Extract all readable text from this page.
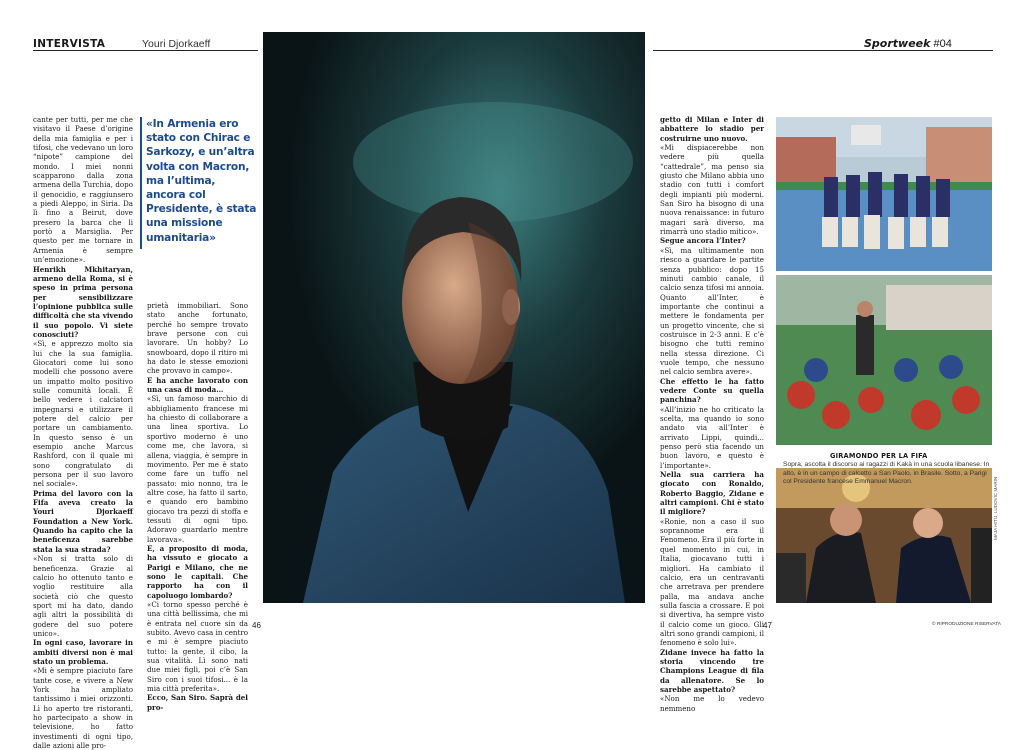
INTERVISTA	Youri Djorkaeff	Sportweek #04

cante per tutti, per me che visitavo il Paese d’origine della mia famiglia e per i tifosi, che vedevano un loro “nipote” campione del mondo. I miei nonni scapparono dalla zona armena della Turchia, dopo il genocidio, e raggiunsero a piedi Aleppo, in Siria. Da lì fino a Beirut, dove presero la barca che li portò a Marsiglia. Per questo per me tornare in Armenia è sempre un’emozione».

Henrikh Mkhitaryan, armeno della Roma, si è speso in prima persona per sensibilizzare l’opinione pubblica sulle difficoltà che sta vivendo il suo popolo. Vi siete conosciuti?

«Sì, e apprezzo molto sia lui che la sua famiglia. Giocatori come lui sono modelli che possono avere un impatto molto positivo sulle comunità locali. È bello vedere i calciatori impegnarsi e utilizzare il potere del calcio per portare un cambiamento. In questo senso è un esempio anche Marcus Rashford, con il quale mi sono congratulato di persona per il suo lavoro nel sociale».

Prima del lavoro con la Fifa aveva creato la Youri Djorkaeff Foundation a New York. Quando ha capito che la beneficenza sarebbe stata la sua strada?

«Non si tratta solo di beneficenza. Grazie al calcio ho ottenuto tanto e voglio restituire alla società ciò che questo sport mi ha dato, dando agli altri la possibilità di godere del suo potere unico».

In ogni caso, lavorare in ambiti diversi non è mai stato un problema.

«Mi è sempre piaciuto fare tante cose, e vivere a New York ha ampliato tantissimo i miei orizzonti. Lì ho aperto tre ristoranti, ho partecipato a show in televisione, ho fatto investimenti di ogni tipo, dalle azioni alle pro-

«In Armenia ero stato con Chirac e Sarkozy, e un’altra volta con Macron, ma l’ultima, ancora col Presidente, è stata una missione umanitaria»

prietà immobiliari. Sono stato anche fortunato, perché ho sempre trovato brave persone con cui lavorare. Un hobby? Lo snowboard, dopo il ritiro mi ha dato le stesse emozioni che provavo in campo».

E ha anche lavorato con una casa di moda…

«Sì, un famoso marchio di abbigliamento francese mi ha chiesto di collaborare a una linea sportiva. Lo sportivo moderno è uno come me, che lavora, si allena, viaggia, è sempre in movimento. Per me è stato come fare un tuffo nel passato: mio nonno, tra le altre cose, ha fatto il sarto, e quando ero bambino giocavo tra pezzi di stoffa e tessuti di ogni tipo. Adoravo guardarlo mentre lavorava».

E, a proposito di moda, ha vissuto e giocato a Parigi e Milano, che ne sono le capitali. Che rapporto ha con il capoluogo lombardo?

«Ci torno spesso perché è una città bellissima, che mi è entrata nel cuore sin da subito. Avevo casa in centro e mi è sempre piaciuto tutto: la gente, il cibo, la sua vitalità. Lì sono nati due miei figli, poi c’è San Siro con i suoi tifosi... è la mia città preferita».

Ecco, San Siro. Saprà del pro-

getto di Milan e Inter di abbattere lo stadio per costruirne uno nuovo.

«Mi dispiacerebbe non vedere più quella “cattedrale”, ma penso sia giusto che Milano abbia uno stadio con tutti i comfort degli impianti più moderni. San Siro ha bisogno di una nuova renaissance: in futuro magari sarà diverso, ma rimarrà uno stadio mitico».

Segue ancora l’Inter?

«Sì, ma ultimamente non riesco a guardare le partite senza pubblico: dopo 15 minuti cambio canale, il calcio senza tifosi mi annoia. Quanto all’Inter, è importante che continui a mettere le fondamenta per un progetto vincente, che si costruisce in 2-3 anni. E c’è bisogno che tutti remino nella stessa direzione. Ci vuole tempo, che nessuno nel calcio sembra avere».

Che effetto le ha fatto vedere Conte su quella panchina?

«All’inizio ne ho criticato la scelta, ma quando io sono andato via all’Inter è arrivato Lippi, quindi... penso però stia facendo un buon lavoro, e questo è l’importante».

Nella sua carriera ha giocato con Ronaldo, Roberto Baggio, Zidane e altri campioni. Chi è stato il migliore?

«Ronie, non a caso il suo soprannome era il Fenomeno. Era il più forte in quel momento in cui, in Italia, giocavano tutti i migliori. Ha cambiato il calcio, era un centravanti che arretrava per prendere palla, ma andava anche sulla fascia a crossare. E poi si divertiva, ha sempre visto il calcio come un gioco. Gli altri sono grandi campioni, il fenomeno è solo lui».

Zidane invece ha fatto la storia vincendo tre Champions League di fila da allenatore. Se lo sarebbe aspettato?

«Non me lo vedevo nemmeno

GIRAMONDO PER LA FIFA
Sopra, ascolta il discorso ai ragazzi di Kakà in una scuola libanese. In alto, è in un campo di calcetto a San Paolo, in Brasile. Sotto, a Parigi col Presidente francese Emmanuel Macron.	MAJA HITIJ, LUDOVIC MARIN
46	47	© RIPRODUZIONE RISERVATA
